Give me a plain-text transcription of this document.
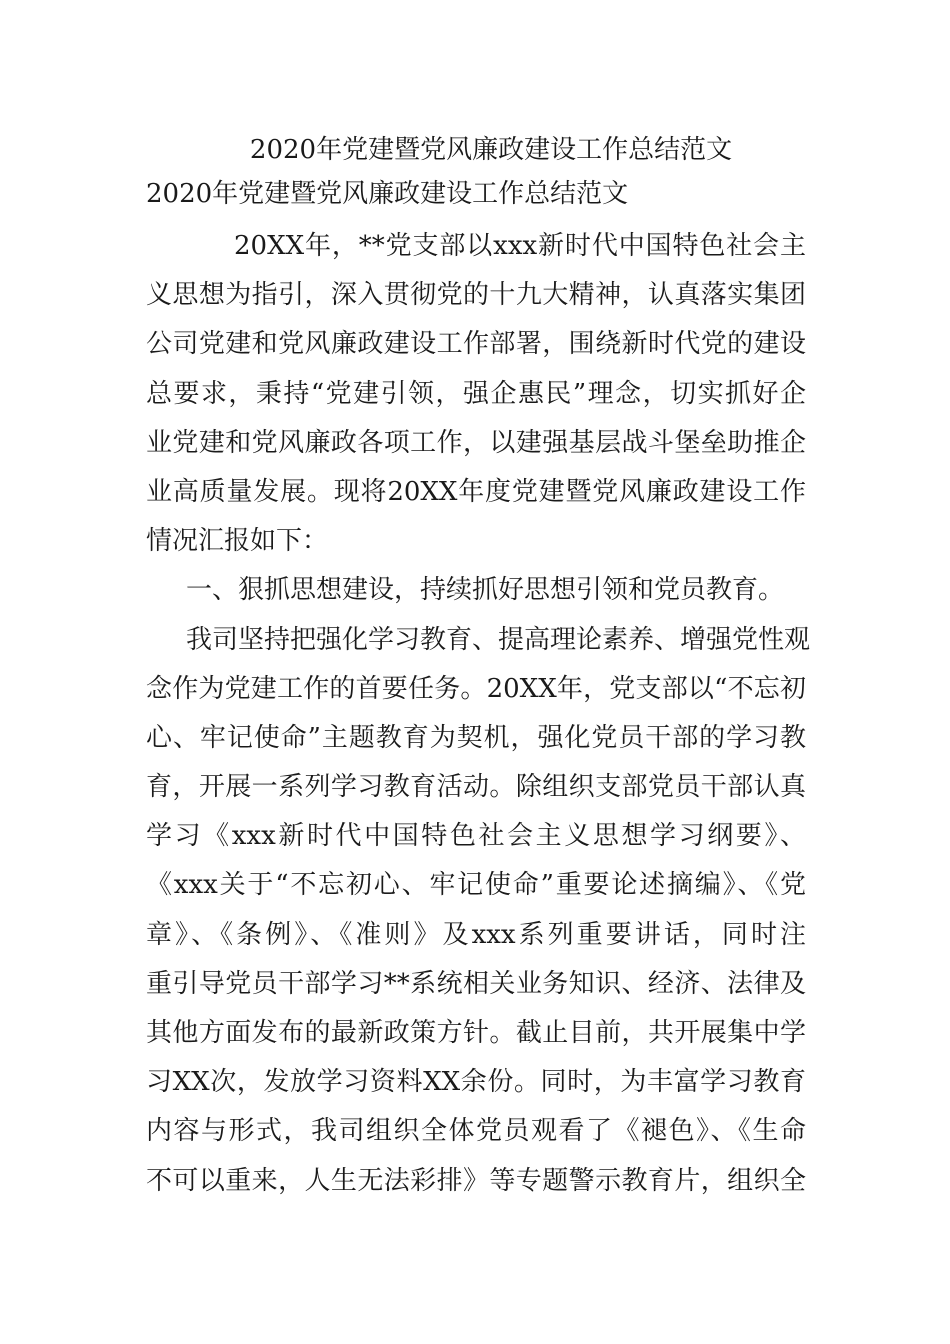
2020年党建暨党风廉政建设工作总结范文
2020年党建暨党风廉政建设工作总结范文
20XX年，**党支部以xxx新时代中国特色社会主
义思想为指引，深入贯彻党的十九大精神，认真落实集团
公司党建和党风廉政建设工作部署，围绕新时代党的建设
总要求，秉持“党建引领，强企惠民”理念，切实抓好企
业党建和党风廉政各项工作，以建强基层战斗堡垒助推企
业高质量发展。现将20XX年度党建暨党风廉政建设工作
情况汇报如下：
一、狠抓思想建设，持续抓好思想引领和党员教育。
我司坚持把强化学习教育、提高理论素养、增强党性观
念作为党建工作的首要任务。20XX年，党支部以“不忘初
心、牢记使命”主题教育为契机，强化党员干部的学习教
育，开展一系列学习教育活动。除组织支部党员干部认真
学习《xxx新时代中国特色社会主义思想学习纲要》、
《xxx关于“不忘初心、牢记使命”重要论述摘编》、《党
章》、《条例》、《准则》及xxx系列重要讲话，同时注
重引导党员干部学习**系统相关业务知识、经济、法律及
其他方面发布的最新政策方针。截止目前，共开展集中学
习XX次，发放学习资料XX余份。同时，为丰富学习教育
内容与形式，我司组织全体党员观看了《褪色》、《生命
不可以重来，人生无法彩排》等专题警示教育片，组织全
